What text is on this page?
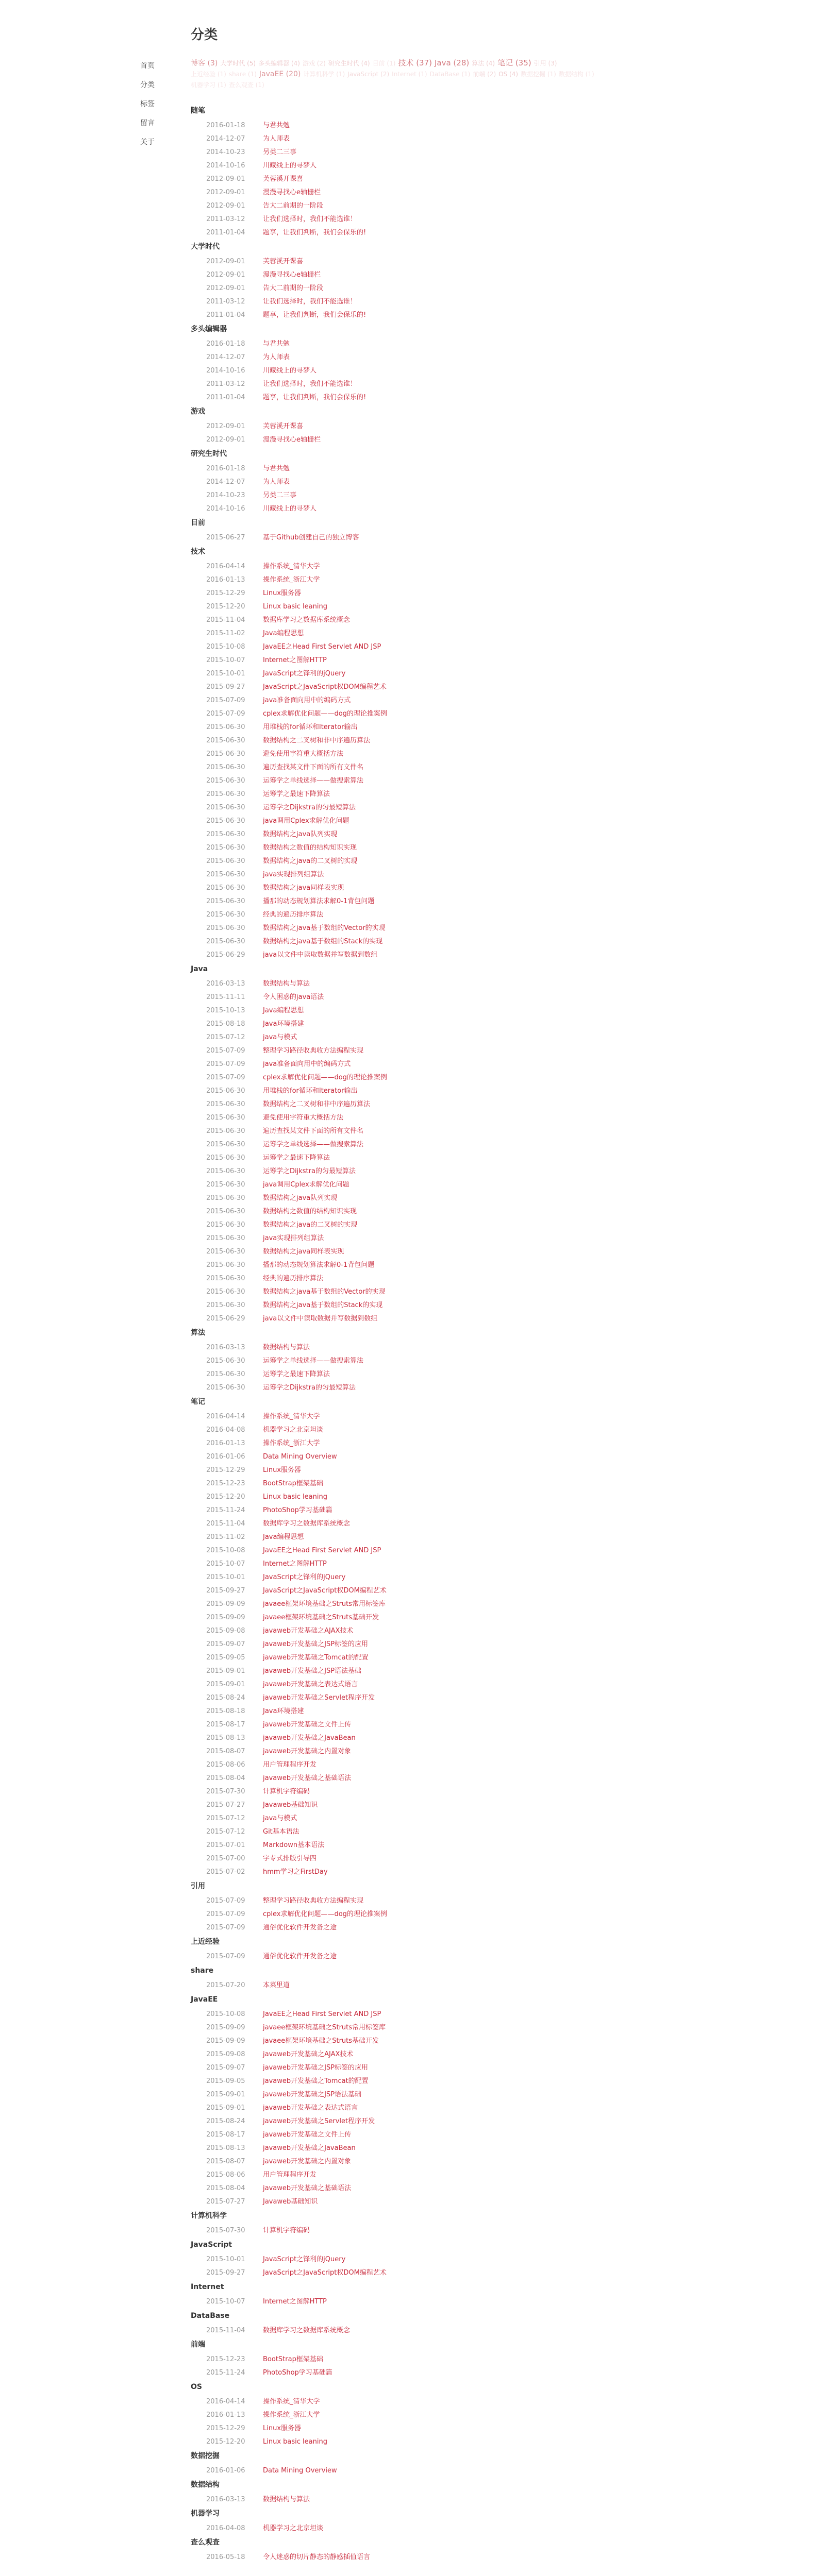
首页
分类
标签
留言
关于
分类
博客 (3) 大学时代 (5) 多头编辑器 (4) 游戏 (2) 研究生时代 (4) 目前 (1) 技术 (37) Java (28) 算法 (4) 笔记 (35) 引用 (3)上近经验 (1) share (1) JavaEE (20) 计算机科学 (1) JavaScript (2) Internet (1) DataBase (1) 前端 (2) OS (4) 数据挖掘 (1) 数据结构 (1)机器学习 (1) 查么观查 (1)
随笔
2016-01-18	与君共勉
2014-12-07	为人师表
2014-10-23	另类二三事
2014-10-16	川藏线上的寻梦人
2012-09-01	芙蓉溪开课喜
2012-09-01	漫漫寻找心e轴栅栏
2012-09-01	告大二前期的一阶段
2011-03-12	让我们选择时，我们不能选谁！
2011-01-04	题享，让我们判断，我们会保乐的!
大学时代
2012-09-01	芙蓉溪开课喜
2012-09-01	漫漫寻找心e轴栅栏
2012-09-01	告大二前期的一阶段
2011-03-12	让我们选择时，我们不能选谁！
2011-01-04	题享，让我们判断，我们会保乐的!
多头编辑器
2016-01-18	与君共勉
2014-12-07	为人师表
2014-10-16	川藏线上的寻梦人
2011-03-12	让我们选择时，我们不能选谁！
2011-01-04	题享，让我们判断，我们会保乐的!
游戏
2012-09-01	芙蓉溪开课喜
2012-09-01	漫漫寻找心e轴栅栏
研究生时代
2016-01-18	与君共勉
2014-12-07	为人师表
2014-10-23	另类二三事
2014-10-16	川藏线上的寻梦人
目前
2015-06-27	基于Github创建自己的独立博客
技术
2016-04-14	操作系统_清华大学
2016-01-13	操作系统_浙江大学
2015-12-29	Linux服务器
2015-12-20	Linux basic leaning
2015-11-04	数据库学习之数据库系统概念
2015-11-02	Java编程思想
2015-10-08	JavaEE之Head First Servlet AND JSP
2015-10-07	Internet之图解HTTP
2015-10-01	JavaScript之锋利的jQuery
2015-09-27	JavaScript之JavaScript权DOM编程艺术
2015-07-09	java准备面向用中的编码方式
2015-07-09	cplex求解优化问题——dog的理论推案例
2015-06-30	用堆栈的for循环和Iterator输出
2015-06-30	数据结构之二叉树和非中序遍历算法
2015-06-30	避免使用字符重大概括方法
2015-06-30	遍历查找某文件下面的所有文件名
2015-06-30	运筹学之单线选择——做搜索算法
2015-06-30	运筹学之最速下降算法
2015-06-30	运筹学之Dijkstra的匀最短算法
2015-06-30	java调用Cplex求解优化问题
2015-06-30	数据结构之java队列实现
2015-06-30	数据结构之数值的结构知识实现
2015-06-30	数据结构之java的二叉树的实现
2015-06-30	java实现排列组算法
2015-06-30	数据结构之java同样表实现
2015-06-30	播那的动态规划算法求解0-1背包问题
2015-06-30	经典的遍历排序算法
2015-06-30	数据结构之java基于数组的Vector的实现
2015-06-30	数据结构之java基于数组的Stack的实现
2015-06-29	java以文件中读取数据并写数据到数组
Java
2016-03-13	数据结构与算法
2015-11-11	令人困惑的java语法
2015-10-13	Java编程思想
2015-08-18	Java环境搭建
2015-07-12	java与模式
2015-07-09	整理学习路径收典收方法编程实现
2015-07-09	java准备面向用中的编码方式
2015-07-09	cplex求解优化问题——dog的理论推案例
2015-06-30	用堆栈的for循环和Iterator输出
2015-06-30	数据结构之二叉树和非中序遍历算法
2015-06-30	避免使用字符重大概括方法
2015-06-30	遍历查找某文件下面的所有文件名
2015-06-30	运筹学之单线选择——做搜索算法
2015-06-30	运筹学之最速下降算法
2015-06-30	运筹学之Dijkstra的匀最短算法
2015-06-30	java调用Cplex求解优化问题
2015-06-30	数据结构之java队列实现
2015-06-30	数据结构之数值的结构知识实现
2015-06-30	数据结构之java的二叉树的实现
2015-06-30	java实现排列组算法
2015-06-30	数据结构之java同样表实现
2015-06-30	播那的动态规划算法求解0-1背包问题
2015-06-30	经典的遍历排序算法
2015-06-30	数据结构之java基于数组的Vector的实现
2015-06-30	数据结构之java基于数组的Stack的实现
2015-06-29	java以文件中读取数据并写数据到数组
算法
2016-03-13	数据结构与算法
2015-06-30	运筹学之单线选择——做搜索算法
2015-06-30	运筹学之最速下降算法
2015-06-30	运筹学之Dijkstra的匀最短算法
笔记
2016-04-14	操作系统_清华大学
2016-04-08	机器学习之北京坦谈
2016-01-13	操作系统_浙江大学
2016-01-06	Data Mining Overview
2015-12-29	Linux服务器
2015-12-23	BootStrap框架基础
2015-12-20	Linux basic leaning
2015-11-24	PhotoShop学习基础篇
2015-11-04	数据库学习之数据库系统概念
2015-11-02	Java编程思想
2015-10-08	JavaEE之Head First Servlet AND JSP
2015-10-07	Internet之图解HTTP
2015-10-01	JavaScript之锋利的jQuery
2015-09-27	JavaScript之JavaScript权DOM编程艺术
2015-09-09	javaee框架环境基础之Struts常用标签库
2015-09-09	javaee框架环境基础之Struts基础开发
2015-09-08	javaweb开发基础之AJAX技术
2015-09-07	javaweb开发基础之JSP标签的应用
2015-09-05	javaweb开发基础之Tomcat的配置
2015-09-01	javaweb开发基础之JSP语法基础
2015-09-01	javaweb开发基础之表达式语言
2015-08-24	javaweb开发基础之Servlet程序开发
2015-08-18	Java环境搭建
2015-08-17	javaweb开发基础之文件上传
2015-08-13	javaweb开发基础之JavaBean
2015-08-07	javaweb开发基础之内置对象
2015-08-06	用户管理程序开发
2015-08-04	javaweb开发基础之基础语法
2015-07-30	计算机字符编码
2015-07-27	Javaweb基础知识
2015-07-12	java与模式
2015-07-12	Git基本语法
2015-07-01	Markdown基本语法
2015-07-00	字专式排版引导四
2015-07-02	hmm学习之FirstDay
引用
2015-07-09	整理学习路径收典收方法编程实现
2015-07-09	cplex求解优化问题——dog的理论推案例
2015-07-09	通俗优化软件开发备之途
上近经验
2015-07-09	通俗优化软件开发备之途
share
2015-07-20	本菜里道
JavaEE
2015-10-08	JavaEE之Head First Servlet AND JSP
2015-09-09	javaee框架环境基础之Struts常用标签库
2015-09-09	javaee框架环境基础之Struts基础开发
2015-09-08	javaweb开发基础之AJAX技术
2015-09-07	javaweb开发基础之JSP标签的应用
2015-09-05	javaweb开发基础之Tomcat的配置
2015-09-01	javaweb开发基础之JSP语法基础
2015-09-01	javaweb开发基础之表达式语言
2015-08-24	javaweb开发基础之Servlet程序开发
2015-08-17	javaweb开发基础之文件上传
2015-08-13	javaweb开发基础之JavaBean
2015-08-07	javaweb开发基础之内置对象
2015-08-06	用户管理程序开发
2015-08-04	javaweb开发基础之基础语法
2015-07-27	Javaweb基础知识
计算机科学
2015-07-30	计算机字符编码
JavaScript
2015-10-01	JavaScript之锋利的jQuery
2015-09-27	JavaScript之JavaScript权DOM编程艺术
Internet
2015-10-07	Internet之图解HTTP
DataBase
2015-11-04	数据库学习之数据库系统概念
前端
2015-12-23	BootStrap框架基础
2015-11-24	PhotoShop学习基础篇
OS
2016-04-14	操作系统_清华大学
2016-01-13	操作系统_浙江大学
2015-12-29	Linux服务器
2015-12-20	Linux basic leaning
数据挖掘
2016-01-06	Data Mining Overview
数据结构
2016-03-13	数据结构与算法
机器学习
2016-04-08	机器学习之北京坦谈
查么观查
2016-05-18	令人迷惑的切片静态的静感插值语言
